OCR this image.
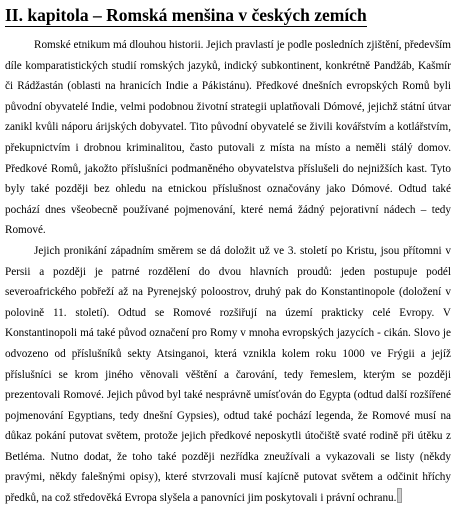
II. kapitola – Romská menšina v českých zemích

Romské etnikum má dlouhou historii. Jejich pravlastí je podle posledních zjištění, především díle komparatistických studií romských jazyků, indický subkontinent, konkrétně Pandžáb, Kašmír či Rádžastán (oblasti na hranicích Indie a Pákistánu). Předkové dnešních evropských Romů byli původní obyvatelé Indie, velmi podobnou životní strategii uplatňovali Dómové, jejichž státní útvar zanikl kvůli náporu árijských dobyvatel. Tito původní obyvatelé se živili kovářstvím a kotlářstvím, překupnictvím i drobnou kriminalitou, často putovali z místa na místo a neměli stálý domov. Předkové Romů, jakožto příslušníci podmaněného obyvatelstva příslušeli do nejnižších kast. Tyto byly také později bez ohledu na etnickou příslušnost označovány jako Dómové. Odtud také pochází dnes všeobecně používané pojmenování, které nemá žádný pejorativní nádech – tedy Romové.

Jejich pronikání západním směrem se dá doložit už ve 3. století po Kristu, jsou přítomni v Persii a později je patrné rozdělení do dvou hlavních proudů: jeden postupuje podél severoafrického pobřeží až na Pyrenejský poloostrov, druhý pak do Konstantinopole (doložení v polovině 11. století). Odtud se Romové rozšiřují na území prakticky celé Evropy. V Konstantinopoli má také původ označení pro Romy v mnoha evropských jazycích - cikán. Slovo je odvozeno od příslušníků sekty Atsinganoi, která vznikla kolem roku 1000 ve Frýgii a jejíž příslušníci se krom jiného věnovali věštění a čarování, tedy řemeslem, kterým se později prezentovali Romové. Jejich původ byl také nesprávně umísťován do Egypta (odtud další rozšířené pojmenování Egyptians, tedy dnešní Gypsies), odtud také pochází legenda, že Romové musí na důkaz pokání putovat světem, protože jejich předkové neposkytli útočiště svaté rodině při útěku z Betléma. Nutno dodat, že toho také později nezřídka zneužívali a vykazovali se listy (někdy pravými, někdy falešnými opisy), které stvrzovali musí kajícně putovat světem a odčinit hříchy předků, na což středověká Evropa slyšela a panovníci jim poskytovali i právní ochranu.
